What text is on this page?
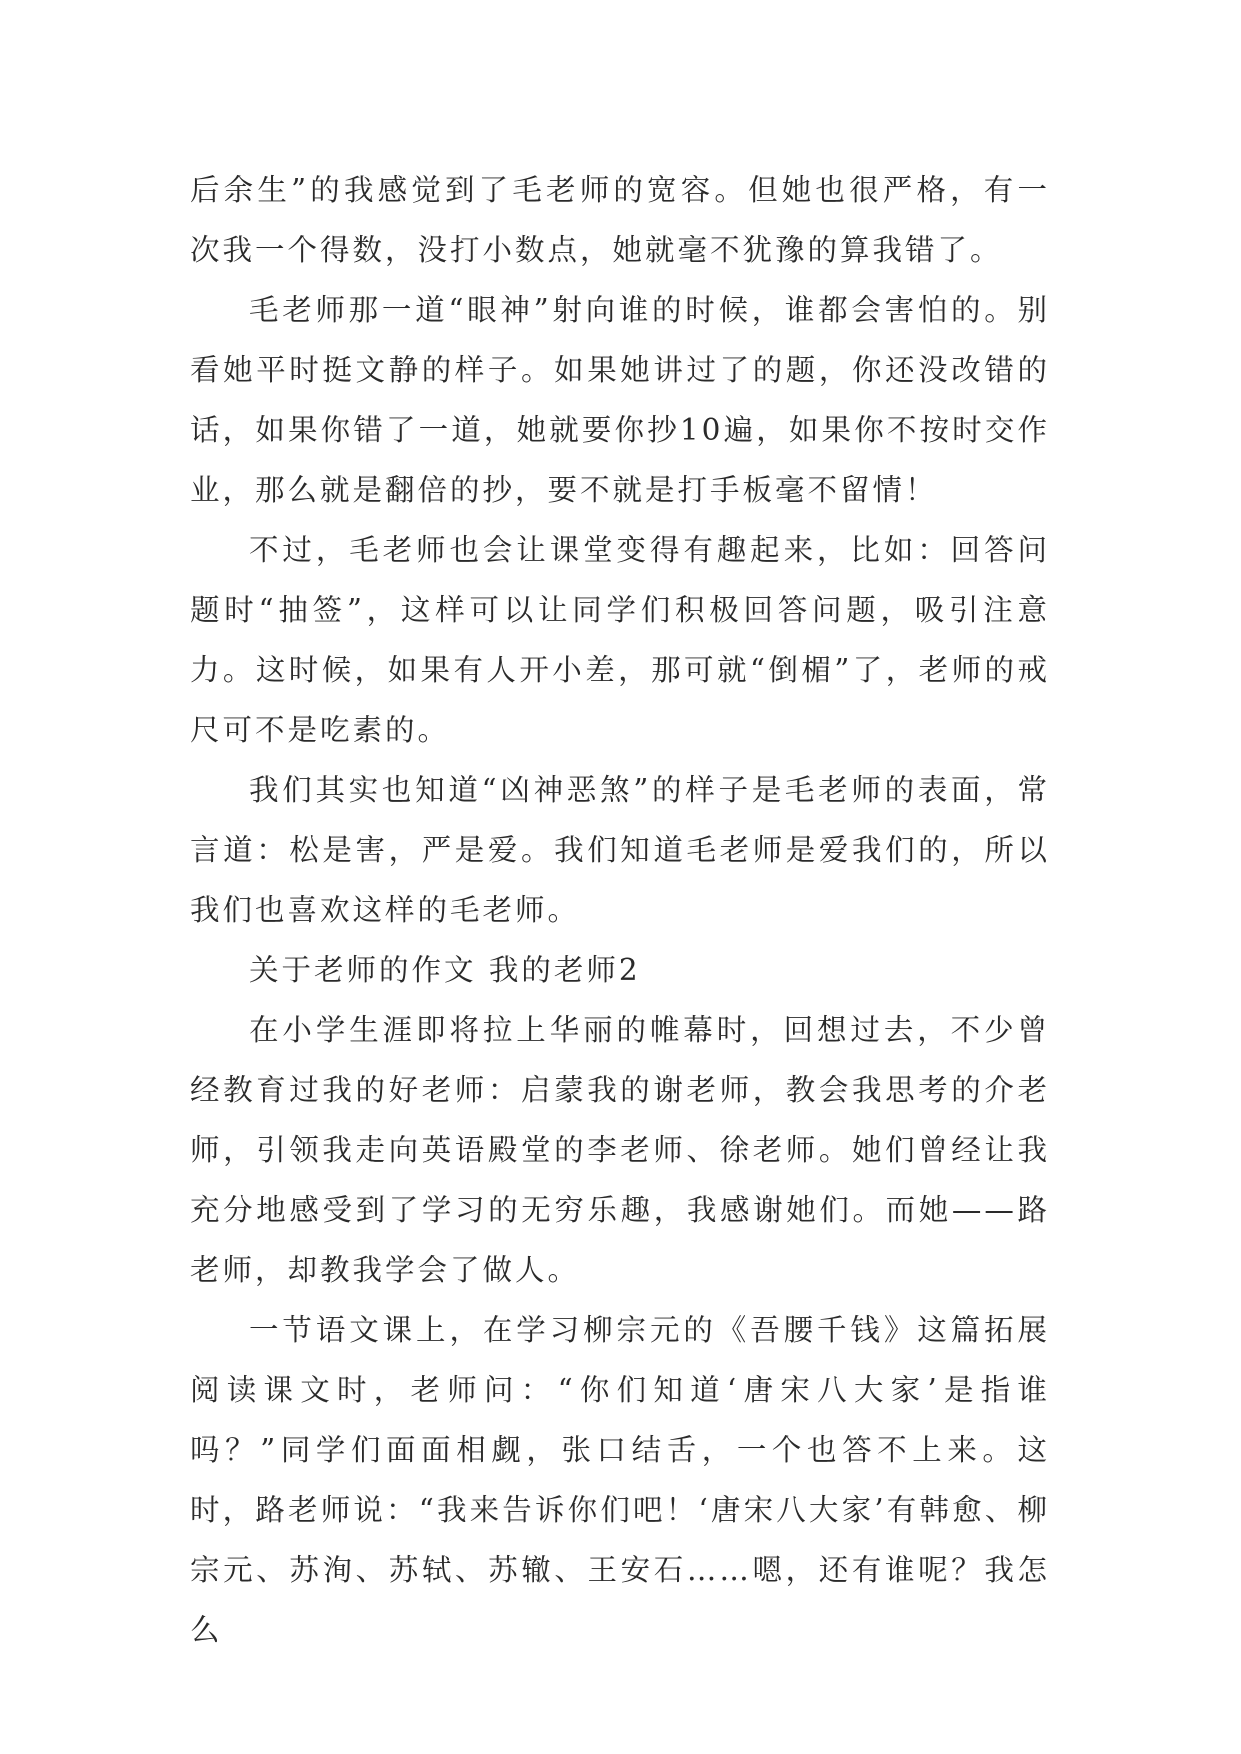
后余生”的我感觉到了毛老师的宽容。但她也很严格，有一次我一个得数，没打小数点，她就毫不犹豫的算我错了。

毛老师那一道“眼神”射向谁的时候，谁都会害怕的。别看她平时挺文静的样子。如果她讲过了的题，你还没改错的话，如果你错了一道，她就要你抄10遍，如果你不按时交作业，那么就是翻倍的抄，要不就是打手板毫不留情！

不过，毛老师也会让课堂变得有趣起来，比如：回答问题时“抽签”，这样可以让同学们积极回答问题，吸引注意力。这时候，如果有人开小差，那可就“倒楣”了，老师的戒尺可不是吃素的。

我们其实也知道“凶神恶煞”的样子是毛老师的表面，常言道：松是害，严是爱。我们知道毛老师是爱我们的，所以我们也喜欢这样的毛老师。

关于老师的作文 我的老师2

在小学生涯即将拉上华丽的帷幕时，回想过去，不少曾经教育过我的好老师：启蒙我的谢老师，教会我思考的介老师，引领我走向英语殿堂的李老师、徐老师。她们曾经让我充分地感受到了学习的无穷乐趣，我感谢她们。而她——路老师，却教我学会了做人。

一节语文课上，在学习柳宗元的《吾腰千钱》这篇拓展阅读课文时，老师问：“你们知道‘唐宋八大家’是指谁吗？”同学们面面相觑，张口结舌，一个也答不上来。这时，路老师说：“我来告诉你们吧！‘唐宋八大家’有韩愈、柳宗元、苏洵、苏轼、苏辙、王安石……嗯，还有谁呢？我怎么
